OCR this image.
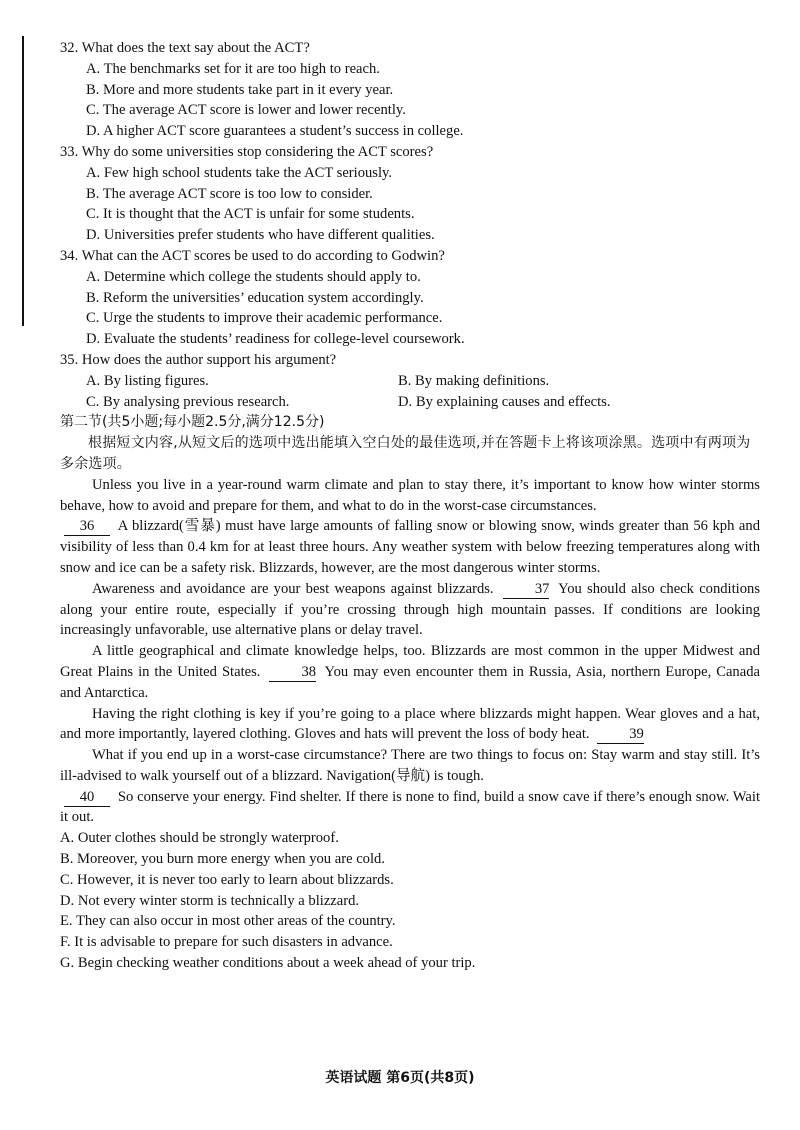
32. What does the text say about the ACT?

A. The benchmarks set for it are too high to reach.

B. More and more students take part in it every year.

C. The average ACT score is lower and lower recently.

D. A higher ACT score guarantees a student’s success in college.

33. Why do some universities stop considering the ACT scores?

A. Few high school students take the ACT seriously.

B. The average ACT score is too low to consider.

C. It is thought that the ACT is unfair for some students.

D. Universities prefer students who have different qualities.

34. What can the ACT scores be used to do according to Godwin?

A. Determine which college the students should apply to.

B. Reform the universities’ education system accordingly.

C. Urge the students to improve their academic performance.

D. Evaluate the students’ readiness for college-level coursework.

35. How does the author support his argument?

A. By listing figures.	B. By making definitions.

C. By analysing previous research.	D. By explaining causes and effects.

第二节(共5小题;每小题2.5分,满分12.5分)

根据短文内容,从短文后的选项中选出能填入空白处的最佳选项,并在答题卡上将该项涂黑。选项中有两项为多余选项。

Unless you live in a year-round warm climate and plan to stay there, it’s important to know how winter storms behave, how to avoid and prepare for them, and what to do in the worst-case circumstances.

36 A blizzard(雪暴) must have large amounts of falling snow or blowing snow, winds greater than 56 kph and visibility of less than 0.4 km for at least three hours. Any weather system with below freezing temperatures along with snow and ice can be a safety risk. Blizzards, however, are the most dangerous winter storms.

Awareness and avoidance are your best weapons against blizzards.	37 You should also check conditions along your entire route, especially if you’re crossing through high mountain passes. If conditions are looking increasingly unfavorable, use alternative plans or delay travel.

A little geographical and climate knowledge helps, too. Blizzards are most common in the upper Midwest and Great Plains in the United States.	38 You may even encounter them in Russia, Asia, northern Europe, Canada and Antarctica.

Having the right clothing is key if you’re going to a place where blizzards might happen. Wear gloves and a hat, and more importantly, layered clothing. Gloves and hats will prevent the loss of body heat.	39

What if you end up in a worst-case circumstance? There are two things to focus on: Stay warm and stay still. It’s ill-advised to walk yourself out of a blizzard. Navigation(导航) is tough.

40 So conserve your energy. Find shelter. If there is none to find, build a snow cave if there’s enough snow. Wait it out.

A. Outer clothes should be strongly waterproof.

B. Moreover, you burn more energy when you are cold.

C. However, it is never too early to learn about blizzards.

D. Not every winter storm is technically a blizzard.

E. They can also occur in most other areas of the country.

F. It is advisable to prepare for such disasters in advance.

G. Begin checking weather conditions about a week ahead of your trip.

英语试题 第6页(共8页)
